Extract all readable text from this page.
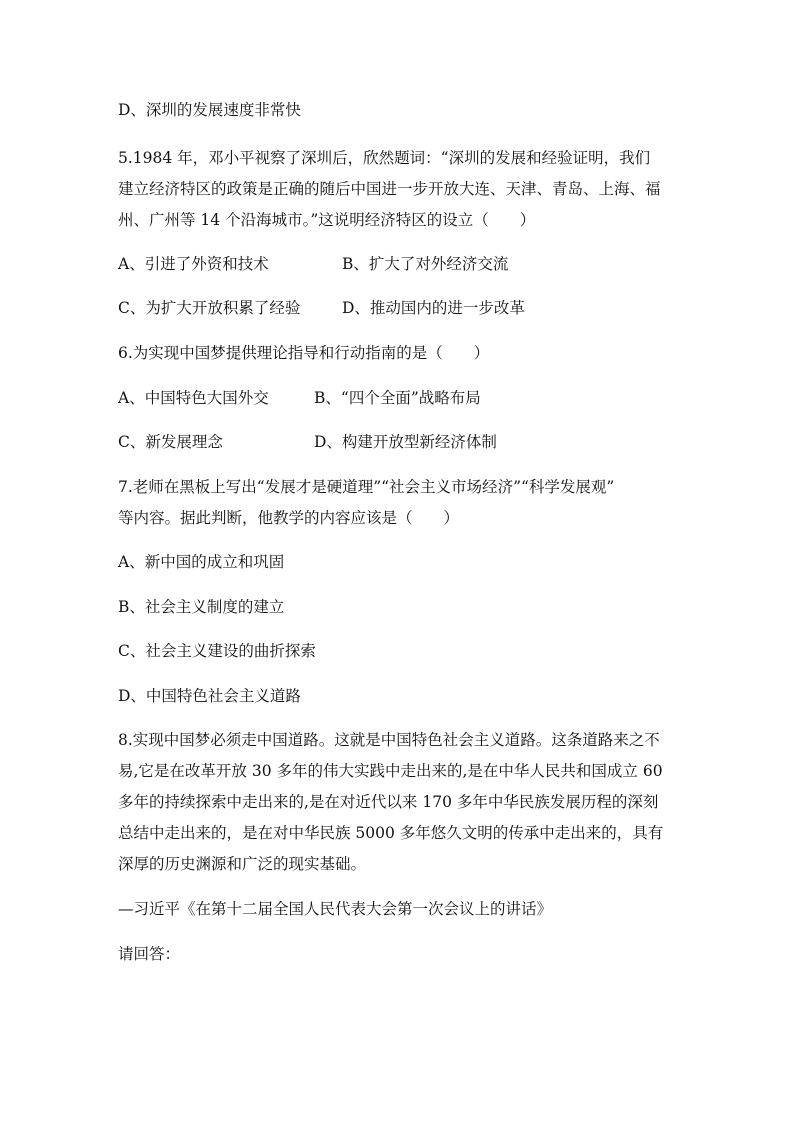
D、深圳的发展速度非常快
5.1984 年，邓小平视察了深圳后，欣然题词：“深圳的发展和经验证明，我们
建立经济特区的政策是正确的随后中国进一步开放大连、天津、青岛、上海、福
州、广州等 14 个沿海城市。”这说明经济特区的设立（　　）
A、引进了外资和技术	B、扩大了对外经济交流
C、为扩大开放积累了经验	D、推动国内的进一步改革
6.为实现中国梦提供理论指导和行动指南的是（　　）
A、中国特色大国外交	B、“四个全面”战略布局
C、新发展理念	D、构建开放型新经济体制
7.老师在黑板上写出“发展才是硬道理”“社会主义市场经济”“科学发展观”
等内容。据此判断，他教学的内容应该是（　　）
A、新中国的成立和巩固
B、社会主义制度的建立
C、社会主义建设的曲折探索
D、中国特色社会主义道路
8.实现中国梦必须走中国道路。这就是中国特色社会主义道路。这条道路来之不
易,它是在改革开放 30 多年的伟大实践中走出来的,是在中华人民共和国成立 60
多年的持续探索中走出来的,是在对近代以来 170 多年中华民族发展历程的深刻
总结中走出来的，是在对中华民族 5000 多年悠久文明的传承中走出来的，具有
深厚的历史渊源和广泛的现实基础。
—习近平《在第十二届全国人民代表大会第一次会议上的讲话》
请回答：
